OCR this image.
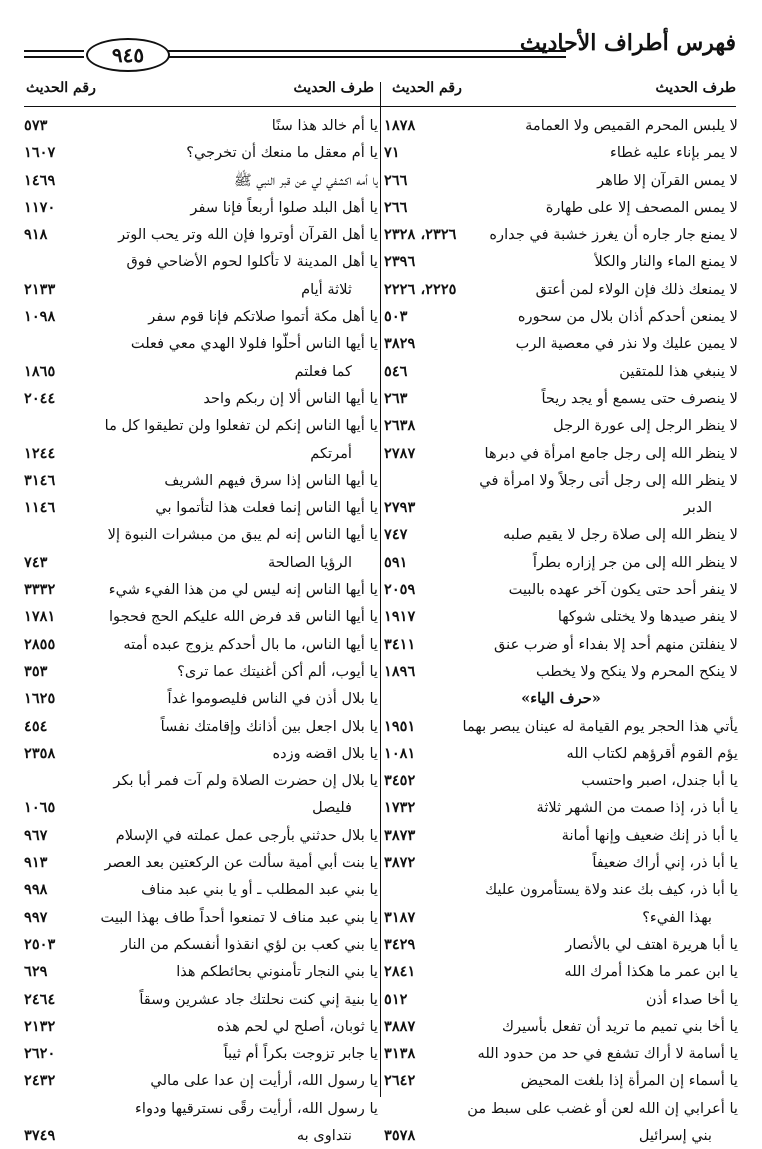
فهرس أطراف الأحاديث
٩٤٥
طرف الحديث
رقم الحديث
طرف الحديث
رقم الحديث
لا يلبس المحرم القميص ولا العمامة
١٨٧٨
لا يمر بإناء عليه غطاء
٧١
لا يمس القرآن إلا طاهر
٢٦٦
لا يمس المصحف إلا على طهارة
٢٦٦
لا يمنع جار جاره أن يغرز خشبة في جداره
٢٣٢٦، ٢٣٢٨
لا يمنع الماء والنار والكلأ
٢٣٩٦
لا يمنعك ذلك فإن الولاء لمن أعتق
٢٢٢٥، ٢٢٢٦
لا يمنعن أحدكم أذان بلال من سحوره
٥٠٣
لا يمين عليك ولا نذر في معصية الرب
٣٨٢٩
لا ينبغي هذا للمتقين
٥٤٦
لا ينصرف حتى يسمع أو يجد ريحاً
٢٦٣
لا ينظر الرجل إلى عورة الرجل
٢٦٣٨
لا ينظر الله إلى رجل جامع امرأة في دبرها
٢٧٨٧
لا ينظر الله إلى رجل أتى رجلاً ولا امرأة في
الدبر
٢٧٩٣
لا ينظر الله إلى صلاة رجل لا يقيم صلبه
٧٤٧
لا ينظر الله إلى من جر إزاره بطراً
٥٩١
لا ينفر أحد حتى يكون آخر عهده بالبيت
٢٠٥٩
لا ينفر صيدها ولا يختلى شوكها
١٩١٧
لا ينفلتن منهم أحد إلا بفداء أو ضرب عنق
٣٤١١
لا ينكح المحرم ولا ينكح ولا يخطب
١٨٩٦
«حرف الياء»
يأتي هذا الحجر يوم القيامة له عينان يبصر بهما
١٩٥١
يؤم القوم أقرؤهم لكتاب الله
١٠٨١
يا أبا جندل، اصبر واحتسب
٣٤٥٢
يا أبا ذر، إذا صمت من الشهر ثلاثة
١٧٣٢
يا أبا ذر إنك ضعيف وإنها أمانة
٣٨٧٣
يا أبا ذر، إني أراك ضعيفاً
٣٨٧٢
يا أبا ذر، كيف بك عند ولاة يستأمرون عليك
بهذا الفيء؟
٣١٨٧
يا أبا هريرة اهتف لي بالأنصار
٣٤٢٩
يا ابن عمر ما هكذا أمرك الله
٢٨٤١
يا أخا صداء أذن
٥١٢
يا أخا بني تميم ما تريد أن تفعل بأسيرك
٣٨٨٧
يا أسامة لا أراك تشفع في حد من حدود الله
٣١٣٨
يا أسماء إن المرأة إذا بلغت المحيض
٢٦٤٢
يا أعرابي إن الله لعن أو غضب على سبط من
بني إسرائيل
٣٥٧٨
يا أم خالد هذا سنًا
٥٧٣
يا أم معقل ما منعك أن تخرجي؟
١٦٠٧
يا أمه اكشفي لي عن قبر النبي ﷺ
١٤٦٩
يا أهل البلد صلوا أربعاً فإنا سفر
١١٧٠
يا أهل القرآن أوتروا فإن الله وتر يحب الوتر
٩١٨
يا أهل المدينة لا تأكلوا لحوم الأضاحي فوق
ثلاثة أيام
٢١٣٣
يا أهل مكة أتموا صلاتكم فإنا قوم سفر
١٠٩٨
يا أيها الناس أحلّوا فلولا الهدي معي فعلت
كما فعلتم
١٨٦٥
يا أيها الناس ألا إن ربكم واحد
٢٠٤٤
يا أيها الناس إنكم لن تفعلوا ولن تطيقوا كل ما
أمرتكم
١٢٤٤
يا أيها الناس إذا سرق فيهم الشريف
٣١٤٦
يا أيها الناس إنما فعلت هذا لتأتموا بي
١١٤٦
يا أيها الناس إنه لم يبق من مبشرات النبوة إلا
الرؤيا الصالحة
٧٤٣
يا أيها الناس إنه ليس لي من هذا الفيء شيء
٣٣٣٢
يا أيها الناس قد فرض الله عليكم الحج فحجوا
١٧٨١
يا أيها الناس، ما بال أحدكم يزوج عبده أمته
٢٨٥٥
يا أيوب، ألم أكن أغنيتك عما ترى؟
٣٥٣
يا بلال أذن في الناس فليصوموا غداً
١٦٢٥
يا بلال اجعل بين أذانك وإقامتك نفساً
٤٥٤
يا بلال اقضه وزده
٢٣٥٨
يا بلال إن حضرت الصلاة ولم آت فمر أبا بكر
فليصل
١٠٦٥
يا بلال حدثني بأرجى عمل عملته في الإسلام
٩٦٧
يا بنت أبي أمية سألت عن الركعتين بعد العصر
٩١٣
يا بني عبد المطلب ـ أو يا بني عبد مناف
٩٩٨
يا بني عبد مناف لا تمنعوا أحداً طاف بهذا البيت
٩٩٧
يا بني كعب بن لؤي انقذوا أنفسكم من النار
٢٥٠٣
يا بني النجار تأمنوني بحائطكم هذا
٦٢٩
يا بنية إني كنت نحلتك جاد عشرين وسقاً
٢٤٦٤
يا ثوبان، أصلح لي لحم هذه
٢١٣٢
يا جابر تزوجت بكراً أم ثيباً
٢٦٢٠
يا رسول الله، أرأيت إن عدا على مالي
٢٤٣٢
يا رسول الله، أرأيت رقًى نسترقيها ودواء
نتداوى به
٣٧٤٩
